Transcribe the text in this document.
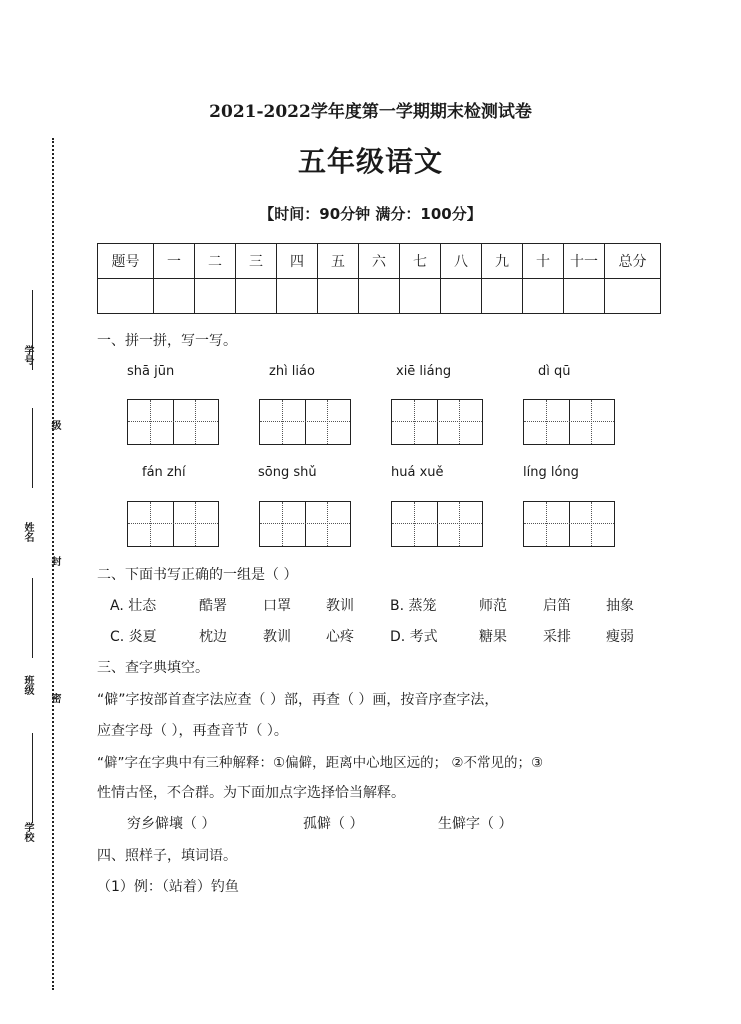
学号
级
姓名
封
班级
密
学校
2021-2022学年度第一学期期末检测试卷
五年级语文
【时间：90分钟 满分：100分】
题号	一	二	三	四	五	六	七	八	九	十	十一	总分

一、拼一拼，写一写。
shā jūn	zhì liáo	xiē liáng	dì qū
fán zhí	sōng shǔ	huá xuě	líng lóng
二、下面书写正确的一组是（ ）
A. 壮态	酷署	口罩	教训	B. 蒸笼	师范	启笛	抽象
C. 炎夏	枕边	教训	心疼	D. 考式	糖果	采排	瘦弱
三、查字典填空。
“僻”字按部首查字法应查（ ）部，再查（ ）画，按音序查字法，
应查字母（ ），再查音节（ ）。
“僻”字在字典中有三种解释：①偏僻，距离中心地区远的； ②不常见的；③
性情古怪，不合群。为下面加点字选择恰当解释。
穷乡僻壤（ ）	孤僻（ ）	生僻字（ ）
四、照样子，填词语。
（1）例：（站着）钓鱼
